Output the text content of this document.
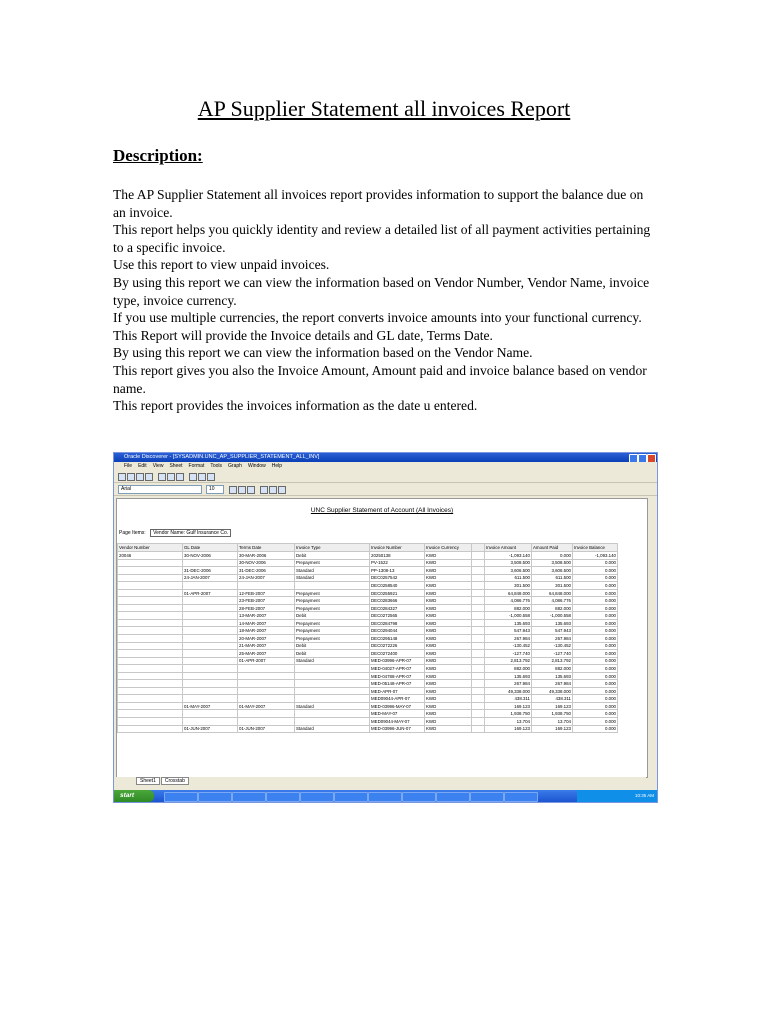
AP Supplier Statement all invoices Report
Description:

The AP Supplier Statement all invoices report provides information to support the balance due on an invoice.

This report helps you quickly identity and review a detailed list of all payment activities pertaining to a specific invoice.

Use this report to view unpaid invoices.

By using this report we can view the information based on Vendor Number, Vendor Name, invoice type, invoice currency.

If you use multiple currencies, the report converts invoice amounts into your functional currency.

This Report will provide the Invoice details and GL date, Terms Date.

By using this report we can view the information based on the Vendor Name.

This report gives you also the Invoice Amount, Amount paid and invoice balance based on vendor name.

This report provides the invoices information as the date u entered.

Oracle Discoverer - [SYSADMIN.UNC_AP_SUPPLIER_STATEMENT_ALL_INV]
File Edit View Sheet Format Tools Graph Window Help
Arial	10
UNC Supplier Statement of Account (All Invoices)
Page Items: Vendor Name: Gulf Insurance Co.
Vendor Number	GL Date	Terms Date	Invoice Type	Invoice Number	Invoice Currency		Invoice Amount	Amount Paid	Invoice Balance
20046	30-NOV-2006	30-MAR-2006	Debit	20250138	KWD		-1,093.140	0.000	-1,093.140
		30-NOV-2006	Prepayment	PV-1522	KWD		3,508.500	3,508.500	0.000
	31-DEC-2006	31-DEC-2006	Standard	PP-1308-13	KWD		3,606.500	3,606.500	0.000
	24-JAN-2007	24-JAN-2007	Standard	DEC0257542	KWD		611.500	611.500	0.000
				DEC0258540	KWD		301.500	301.500	0.000
	01-APR-2007	12-FEB-2007	Prepayment	DEC0255921	KWD		64,848.000	64,848.000	0.000
		23-FEB-2007	Prepayment	DEC0283666	KWD		4,086.776	4,086.776	0.000
		28-FEB-2007	Prepayment	DEC0284327	KWD		882.000	882.000	0.000
		13-MAR-2007	Debit	DEC0272565	KWD		-1,000.558	-1,000.558	0.000
		14-MAR-2007	Prepayment	DEC0284798	KWD		135.693	135.693	0.000
		18-MAR-2007	Prepayment	DEC0294044	KWD		547.943	547.943	0.000
		20-MAR-2007	Prepayment	DEC0295148	KWD		267.984	267.984	0.000
		21-MAR-2007	Debit	DEC0272226	KWD		-130.452	-130.452	0.000
		25-MAR-2007	Debit	DEC0272400	KWD		-127.740	-127.740	0.000
		01-APR-2007	Standard	MED-03996-APR-07	KWD		2,813.792	2,813.792	0.000
				MED-04027-APR-07	KWD		882.000	882.000	0.000
				MED-04788-APR-07	KWD		135.693	135.693	0.000
				MED-05148-APR-07	KWD		267.984	267.984	0.000
				MED-APR-07	KWD		49,338.000	49,338.000	0.000
				MED09044-APR-07	KWD		438.311	438.311	0.000
	01-MAY-2007	01-MAY-2007	Standard	MED-03996-MAY-07	KWD		169.123	169.123	0.000
				MED-MAY-07	KWD		1,938.750	1,938.750	0.000
				MED09044-MAY-07	KWD		13.704	13.704	0.000
	01-JUN-2007	01-JUN-2007	Standard	MED-03996-JUN-07	KWD		169.123	169.123	0.000
Sheet1 Crosstab
start	10:35 AM
